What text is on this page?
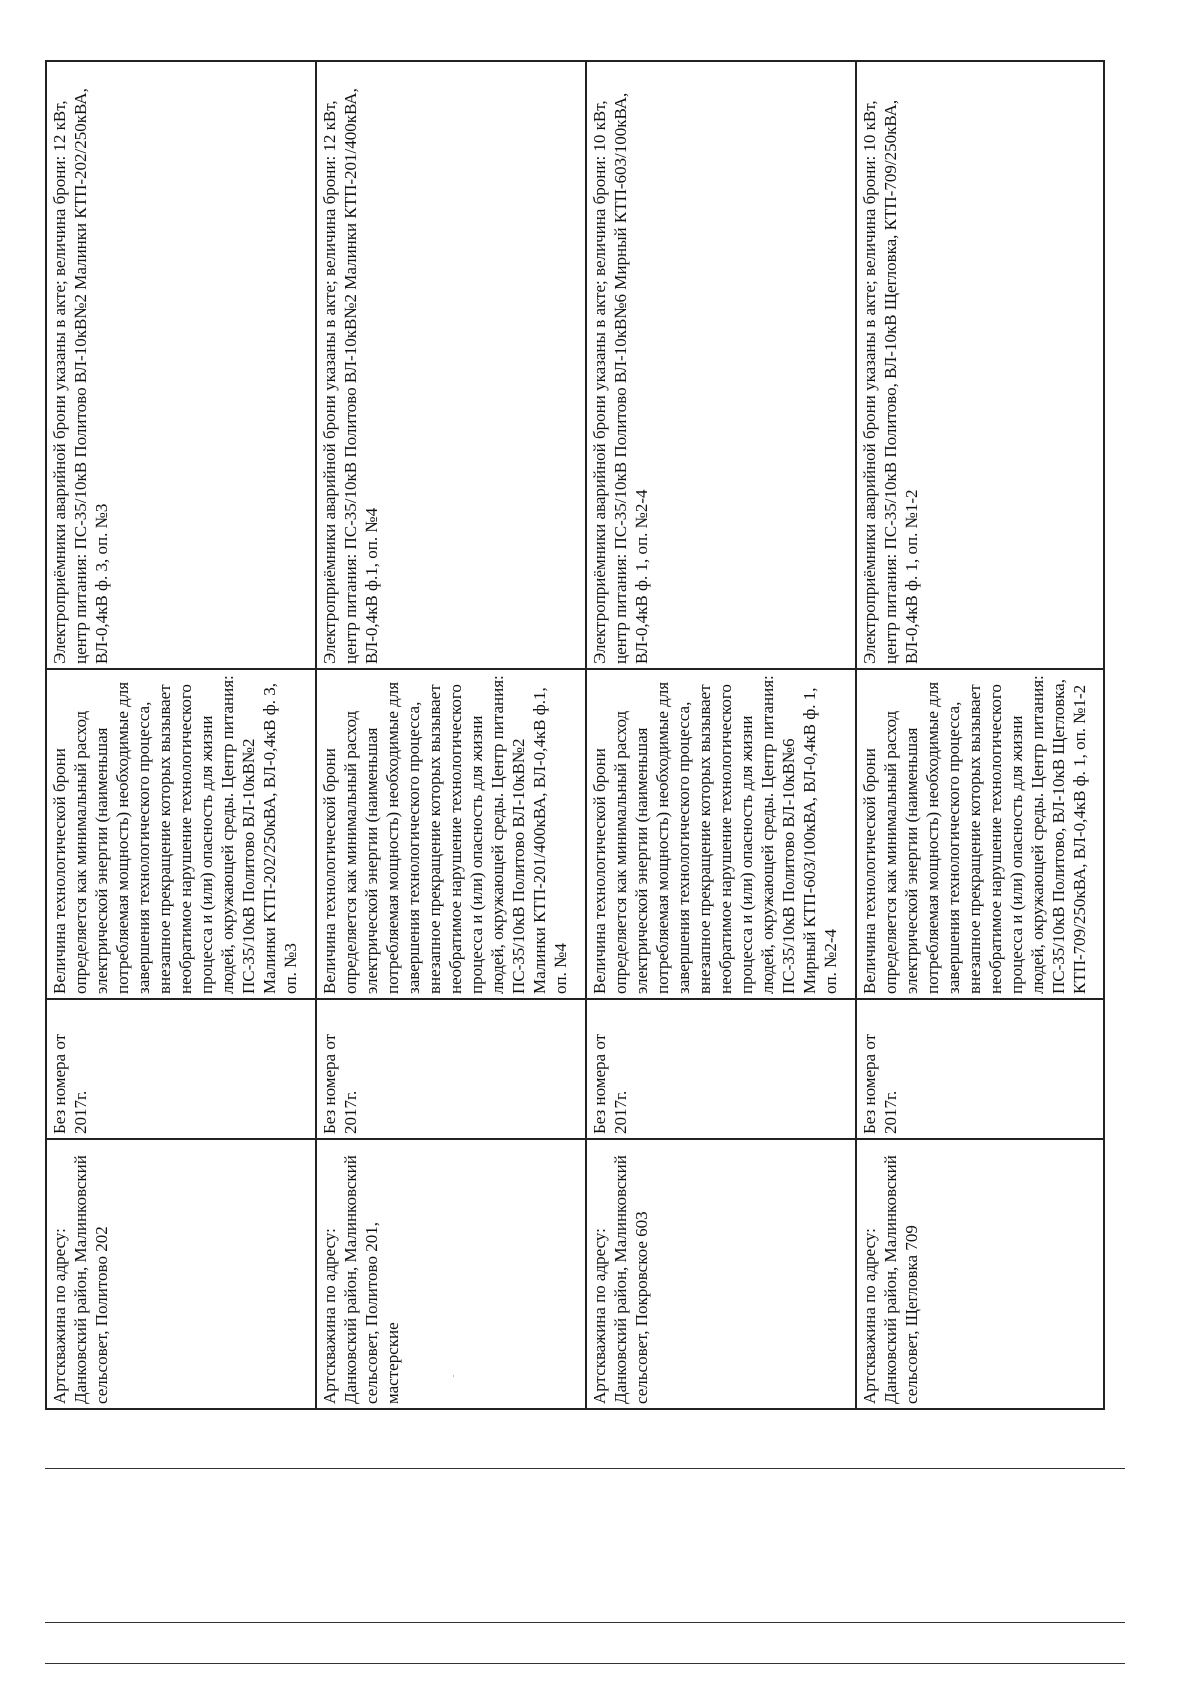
Артскважина по адресу: Данковский район, Малинковский сельсовет, Политово 202	Без номера от 2017г.	Величина технологической брони определяется как минимальный расход электрической энергии (наименьшая потребляемая мощность) необходимые для завершения технологического процесса, внезапное прекращение которых вызывает необратимое нарушение технологического процесса и (или) опасность для жизни людей, окружающей среды. Центр питания: ПС-35/10кВ Политово ВЛ-10кВ№2 Малинки КТП-202/250кВА, ВЛ-0,4кВ ф. 3, оп. №3	Электроприёмники аварийной брони указаны в акте; величина брони: 12 кВт, центр питания: ПС-35/10кВ Политово ВЛ-10кВ№2 Малинки КТП-202/250кВА, ВЛ-0,4кВ ф. 3, оп. №3
Артскважина по адресу: Данковский район, Малинковский сельсовет, Политово 201, мастерские	Без номера от 2017г.	Величина технологической брони определяется как минимальный расход электрической энергии (наименьшая потребляемая мощность) необходимые для завершения технологического процесса, внезапное прекращение которых вызывает необратимое нарушение технологического процесса и (или) опасность для жизни людей, окружающей среды. Центр питания: ПС-35/10кВ Политово ВЛ-10кВ№2 Малинки КТП-201/400кВА, ВЛ-0,4кВ ф.1, оп. №4	Электроприёмники аварийной брони указаны в акте; величина брони: 12 кВт, центр питания: ПС-35/10кВ Политово ВЛ-10кВ№2 Малинки КТП-201/400кВА, ВЛ-0,4кВ ф.1, оп. №4
Артскважина по адресу: Данковский район, Малинковский сельсовет, Покровское 603	Без номера от 2017г.	Величина технологической брони определяется как минимальный расход электрической энергии (наименьшая потребляемая мощность) необходимые для завершения технологического процесса, внезапное прекращение которых вызывает необратимое нарушение технологического процесса и (или) опасность для жизни людей, окружающей среды. Центр питания: ПС-35/10кВ Политово ВЛ-10кВ№6 Мирный КТП-603/100кВА, ВЛ-0,4кВ ф. 1, оп. №2-4	Электроприёмники аварийной брони указаны в акте; величина брони: 10 кВт, центр питания: ПС-35/10кВ Политово ВЛ-10кВ№6 Мирный КТП-603/100кВА, ВЛ-0,4кВ ф. 1, оп. №2-4
Артскважина по адресу: Данковский район, Малинковский сельсовет, Щегловка 709	Без номера от 2017г.	Величина технологической брони определяется как минимальный расход электрической энергии (наименьшая потребляемая мощность) необходимые для завершения технологического процесса, внезапное прекращение которых вызывает необратимое нарушение технологического процесса и (или) опасность для жизни людей, окружающей среды. Центр питания: ПС-35/10кВ Политово, ВЛ-10кВ Щегловка, КТП-709/250кВА, ВЛ-0,4кВ ф. 1, оп. №1-2	Электроприёмники аварийной брони указаны в акте; величина брони: 10 кВт, центр питания: ПС-35/10кВ Политово, ВЛ-10кВ Щегловка, КТП-709/250кВА, ВЛ-0,4кВ ф. 1, оп. №1-2
